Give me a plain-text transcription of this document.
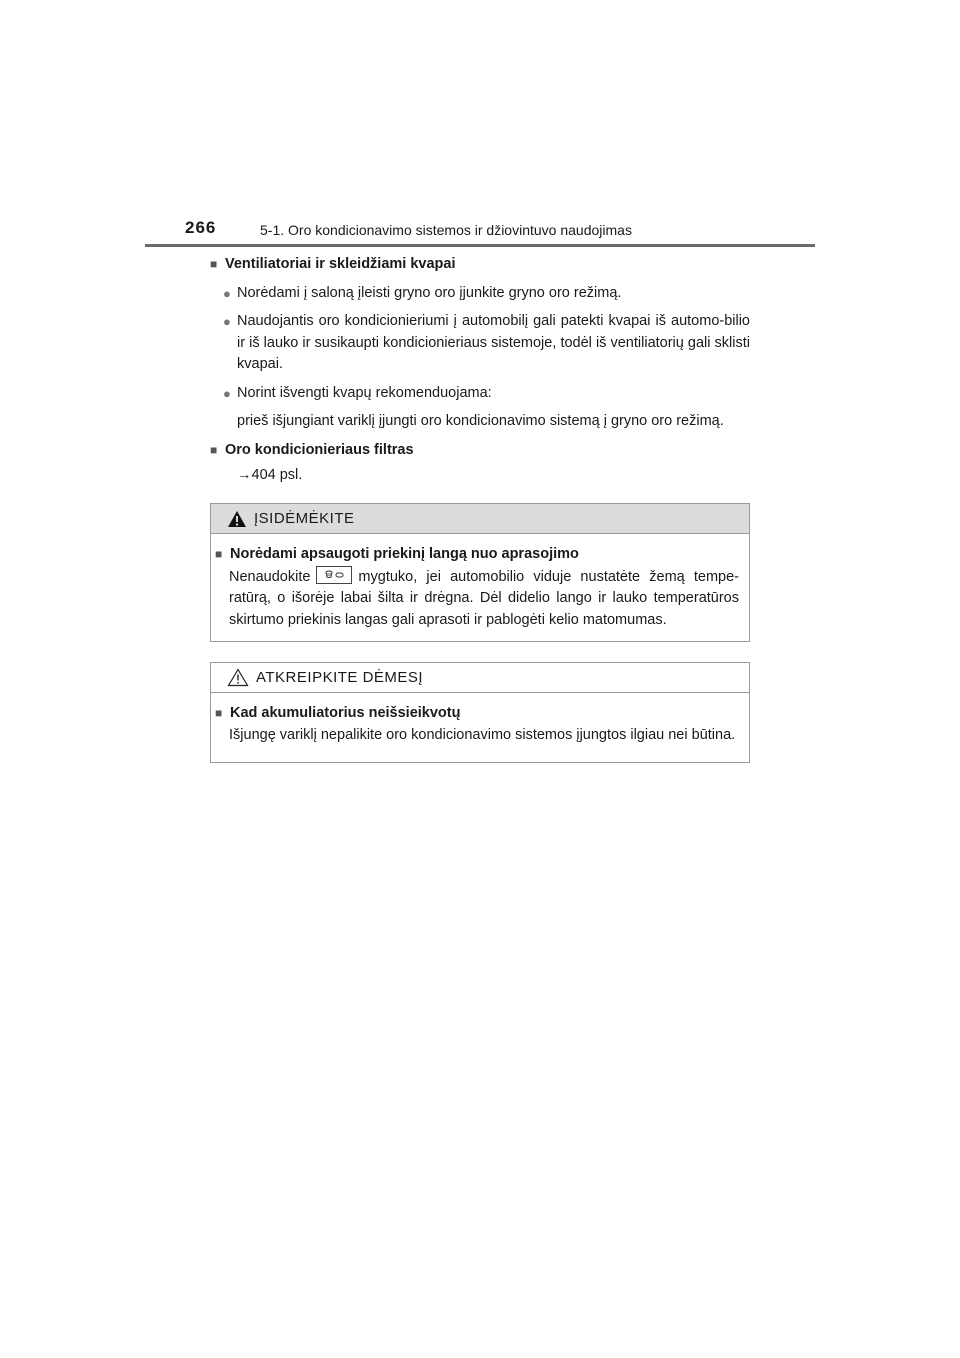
266	5-1. Oro kondicionavimo sistemos ir džiovintuvo naudojimas
■ Ventiliatoriai ir skleidžiami kvapai
● Norėdami į saloną įleisti gryno oro įjunkite gryno oro režimą.
● Naudojantis oro kondicionieriumi į automobilį gali patekti kvapai iš automo-bilio ir iš lauko ir susikaupti kondicionieriaus sistemoje, todėl iš ventiliatorių gali sklisti kvapai.
● Norint išvengti kvapų rekomenduojama:
prieš išjungiant variklį įjungti oro kondicionavimo sistemą į gryno oro režimą.
■ Oro kondicionieriaus filtras
→404 psl.
ĮSIDĖMĖKITE
■ Norėdami apsaugoti priekinį langą nuo aprasojimo
Nenaudokite	mygtuko, jei automobilio viduje nustatėte žemą tempe-ratūrą, o išorėje labai šilta ir drėgna. Dėl didelio lango ir lauko temperatūros skirtumo priekinis langas gali aprasoti ir pablogėti kelio matomumas.
ATKREIPKITE DĖMESĮ
■ Kad akumuliatorius neišsieikvotų
Išjungę variklį nepalikite oro kondicionavimo sistemos įjungtos ilgiau nei būtina.
